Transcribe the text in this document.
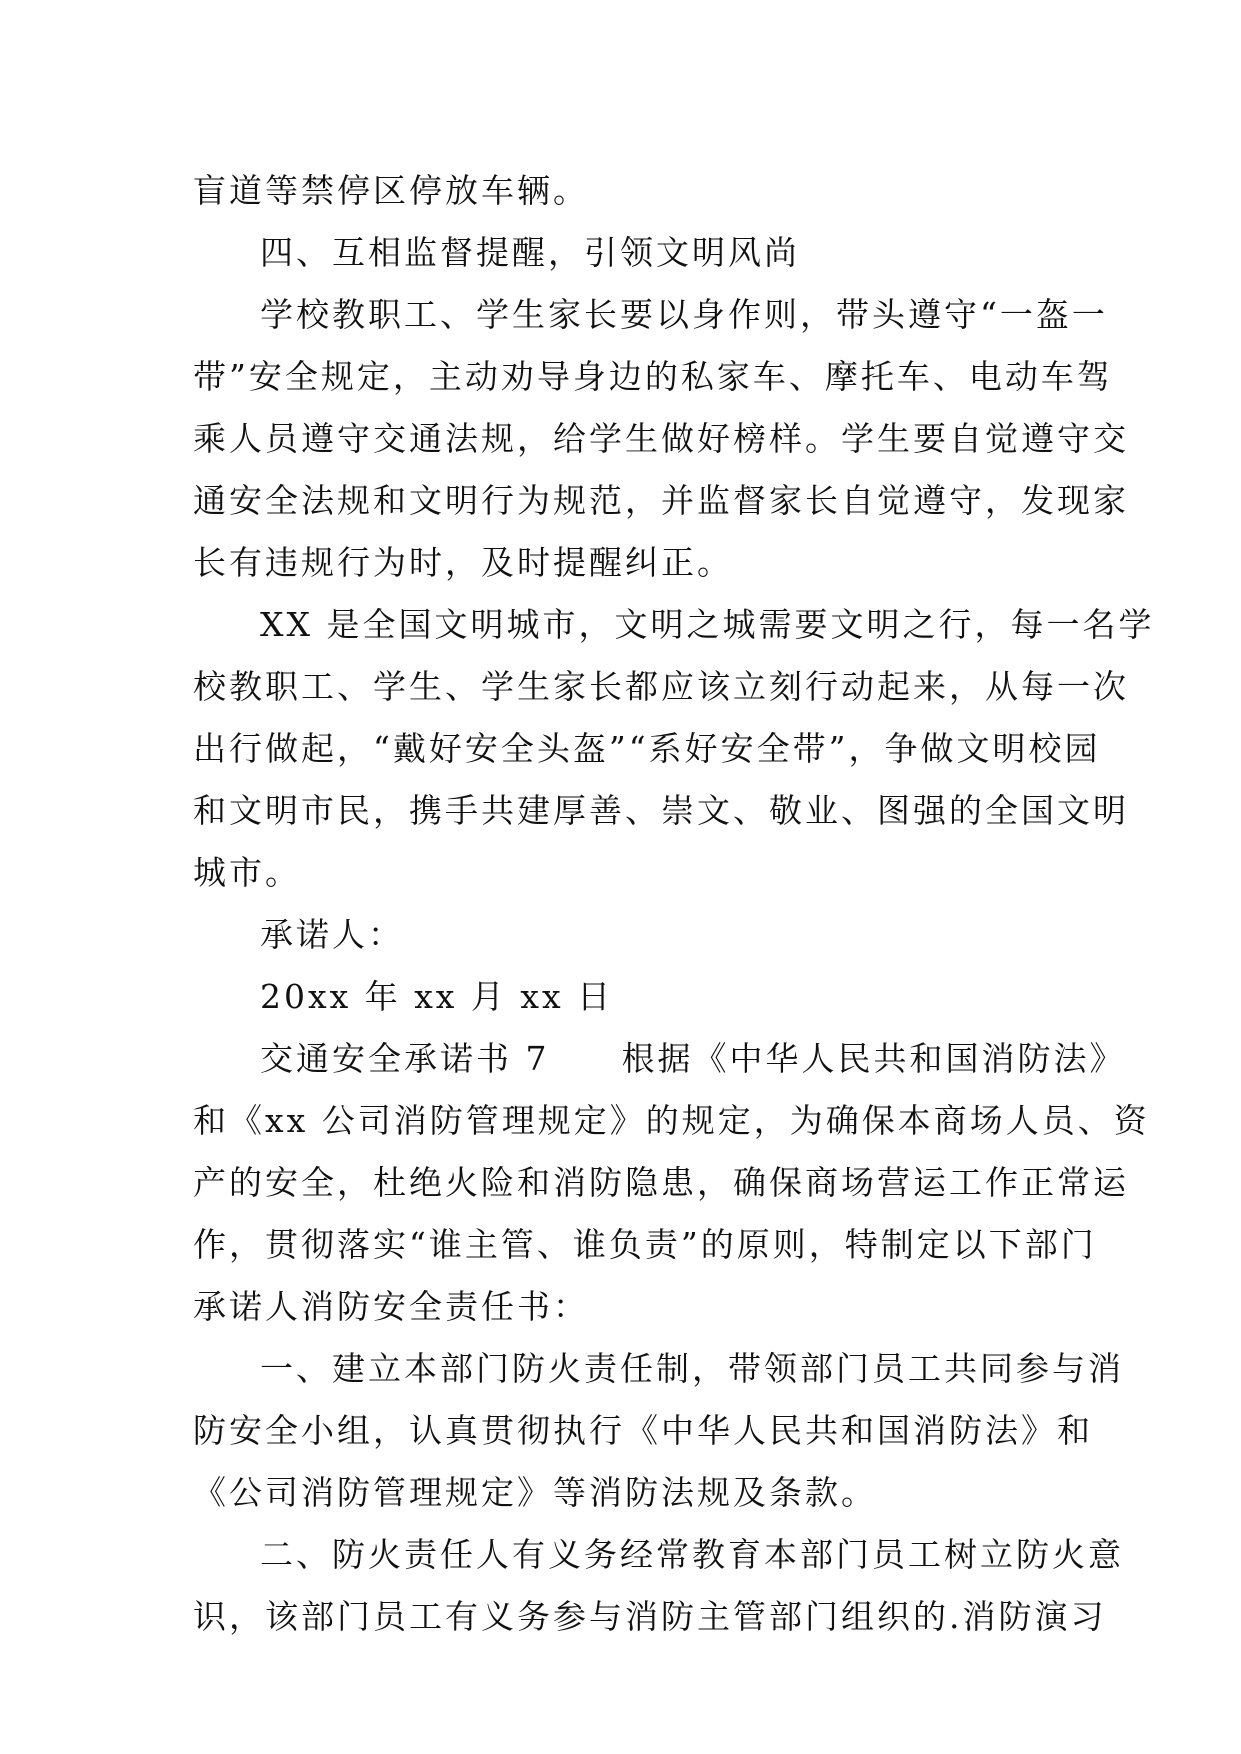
盲道等禁停区停放车辆。
四、互相监督提醒，引领文明风尚
学校教职工、学生家长要以身作则，带头遵守“一盔一
带”安全规定，主动劝导身边的私家车、摩托车、电动车驾
乘人员遵守交通法规，给学生做好榜样。学生要自觉遵守交
通安全法规和文明行为规范，并监督家长自觉遵守，发现家
长有违规行为时，及时提醒纠正。
XX 是全国文明城市，文明之城需要文明之行，每一名学
校教职工、学生、学生家长都应该立刻行动起来，从每一次
出行做起，“戴好安全头盔”“系好安全带”，争做文明校园
和文明市民，携手共建厚善、崇文、敬业、图强的全国文明
城市。
承诺人：
20xx 年 xx 月 xx 日
交通安全承诺书 7　　根据《中华人民共和国消防法》
和《xx 公司消防管理规定》的规定，为确保本商场人员、资
产的安全，杜绝火险和消防隐患，确保商场营运工作正常运
作，贯彻落实“谁主管、谁负责”的原则，特制定以下部门
承诺人消防安全责任书：
一、建立本部门防火责任制，带领部门员工共同参与消
防安全小组，认真贯彻执行《中华人民共和国消防法》和
《公司消防管理规定》等消防法规及条款。
二、防火责任人有义务经常教育本部门员工树立防火意
识，该部门员工有义务参与消防主管部门组织的.消防演习
